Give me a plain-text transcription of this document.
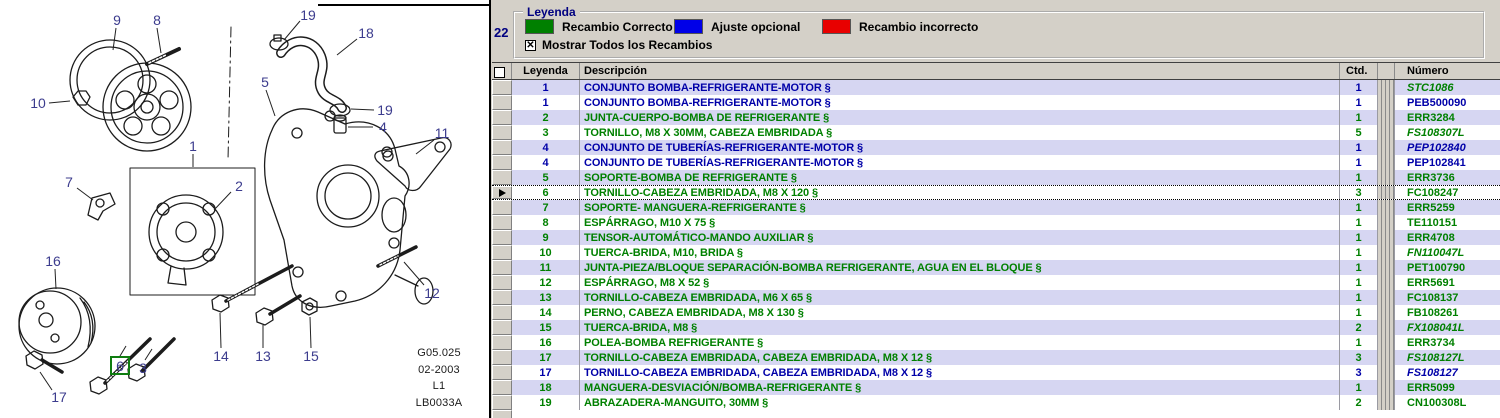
9 8	19
18
10
5
19
4	11
1
7	2
16
17
6 3
14 13 15
12
G05.025
02-2003
L1
LB0033A
22
Leyenda
Recambio Correcto	Ajuste opcional	Recambio incorrecto
✕ Mostrar Todos los Recambios
Leyenda	Descripción	Ctd.	Número
1	CONJUNTO BOMBA-REFRIGERANTE-MOTOR §	1	STC1086
1	CONJUNTO BOMBA-REFRIGERANTE-MOTOR §	1	PEB500090
2	JUNTA-CUERPO-BOMBA DE REFRIGERANTE §	1	ERR3284
3	TORNILLO, M8 X 30MM, CABEZA EMBRIDADA §	5	FS108307L
4	CONJUNTO DE TUBERÍAS-REFRIGERANTE-MOTOR §	1	PEP102840
4	CONJUNTO DE TUBERÍAS-REFRIGERANTE-MOTOR §	1	PEP102841
5	SOPORTE-BOMBA DE REFRIGERANTE §	1	ERR3736
6	TORNILLO-CABEZA EMBRIDADA, M8 X 120 §	3	FC108247
7	SOPORTE- MANGUERA-REFRIGERANTE §	1	ERR5259
8	ESPÁRRAGO, M10 X 75 §	1	TE110151
9	TENSOR-AUTOMÁTICO-MANDO AUXILIAR §	1	ERR4708
10	TUERCA-BRIDA, M10, BRIDA §	1	FN110047L
11	JUNTA-PIEZA/BLOQUE SEPARACIÓN-BOMBA REFRIGERANTE, AGUA EN EL BLOQUE §	1	PET100790
12	ESPÁRRAGO, M8 X 52 §	1	ERR5691
13	TORNILLO-CABEZA EMBRIDADA, M6 X 65 §	1	FC108137
14	PERNO, CABEZA EMBRIDADA, M8 X 130 §	1	FB108261
15	TUERCA-BRIDA, M8 §	2	FX108041L
16	POLEA-BOMBA REFRIGERANTE §	1	ERR3734
17	TORNILLO-CABEZA EMBRIDADA, CABEZA EMBRIDADA, M8 X 12 §	3	FS108127L
17	TORNILLO-CABEZA EMBRIDADA, CABEZA EMBRIDADA, M8 X 12 §	3	FS108127
18	MANGUERA-DESVIACIÓN/BOMBA-REFRIGERANTE §	1	ERR5099
19	ABRAZADERA-MANGUITO, 30MM §	2	CN100308L
